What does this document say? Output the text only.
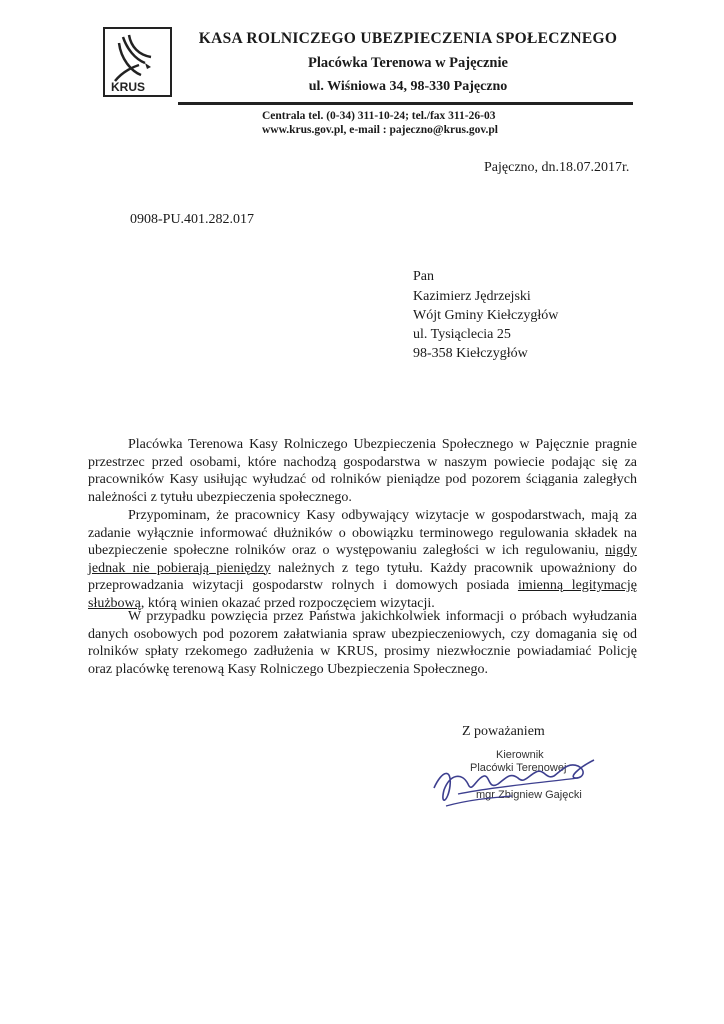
KRUS
KASA ROLNICZEGO UBEZPIECZENIA SPOŁECZNEGO
Placówka Terenowa w Pajęcznie
ul. Wiśniowa 34, 98-330 Pajęczno
Centrala tel. (0-34) 311-10-24; tel./fax 311-26-03
www.krus.gov.pl, e-mail : pajeczno@krus.gov.pl
Pajęczno, dn.18.07.2017r.
0908-PU.401.282.017
Pan
Kazimierz Jędrzejski
Wójt Gminy Kiełczygłów
ul. Tysiąclecia 25
98-358 Kiełczygłów

Placówka Terenowa Kasy Rolniczego Ubezpieczenia Społecznego w Pajęcznie pragnie przestrzec przed osobami, które nachodzą gospodarstwa w naszym powiecie podając się za pracowników Kasy usiłując wyłudzać od rolników pieniądze pod pozorem ściągania zaległych należności z tytułu ubezpieczenia społecznego.

Przypominam, że pracownicy Kasy odbywający wizytacje w gospodarstwach, mają za zadanie wyłącznie informować dłużników o obowiązku terminowego regulowania składek na ubezpieczenie społeczne rolników oraz o występowaniu zaległości w ich regulowaniu, nigdy jednak nie pobierają pieniędzy należnych z tego tytułu. Każdy pracownik upoważniony do przeprowadzania wizytacji gospodarstw rolnych i domowych posiada imienną legitymację służbową, którą winien okazać przed rozpoczęciem wizytacji.

W przypadku powzięcia przez Państwa jakichkolwiek informacji o próbach wyłudzania danych osobowych pod pozorem załatwiania spraw ubezpieczeniowych, czy domagania się od rolników spłaty rzekomego zadłużenia w KRUS, prosimy niezwłocznie powiadamiać Policję oraz placówkę terenową Kasy Rolniczego Ubezpieczenia Społecznego.

Z poważaniem
Kierownik
Placówki Terenowej
mgr Zbigniew Gajęcki
